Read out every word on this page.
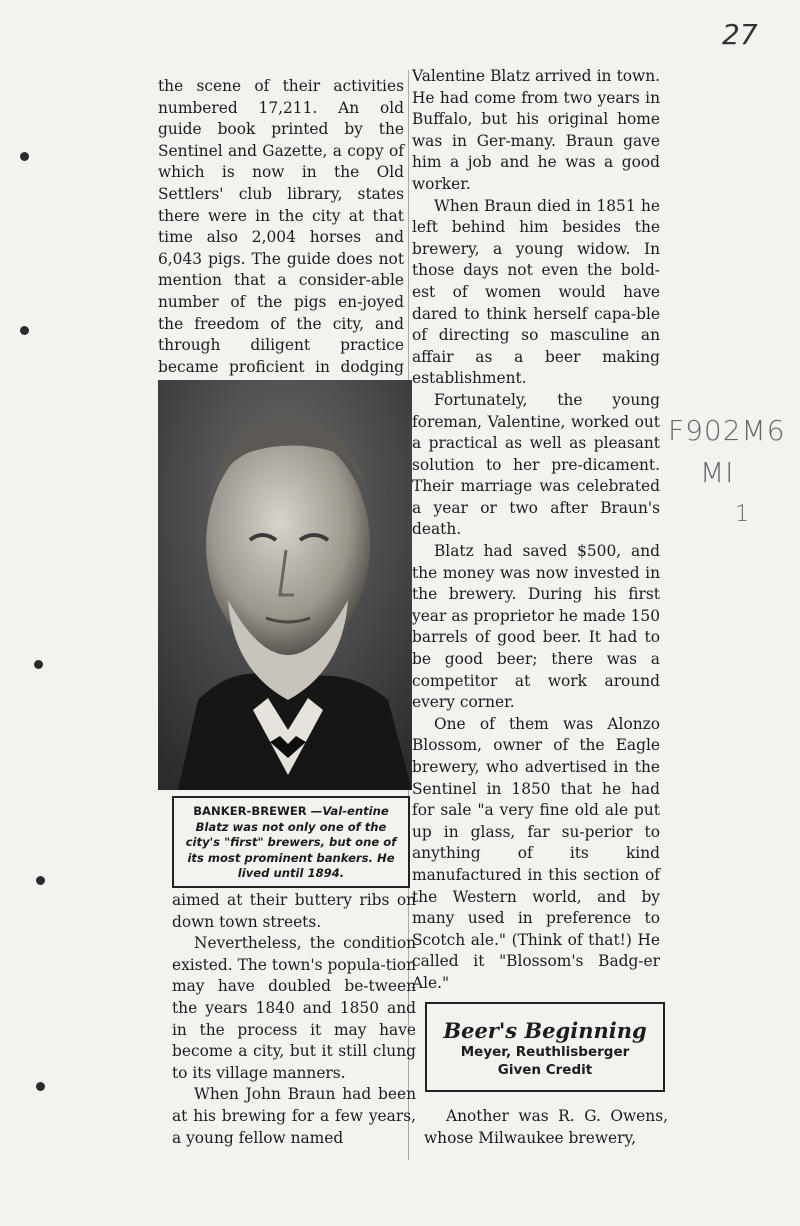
27
F902M6
MI
1

the scene of their activities numbered 17,211. An old guide book printed by the Sentinel and Gazette, a copy of which is now in the Old Settlers' club library, states there were in the city at that time also 2,004 horses and 6,043 pigs. The guide does not mention that a consider-able number of the pigs en-joyed the freedom of the city, and through diligent practice became proficient in dodging

BANKER-BREWER —Val-entine Blatz was not only one of the city's "first" brewers, but one of its most prominent bankers. He lived until 1894.

aimed at their buttery ribs on down town streets.

Nevertheless, the condition existed. The town's popula-tion may have doubled be-tween the years 1840 and 1850 and in the process it may have become a city, but it still clung to its village manners.

When John Braun had been at his brewing for a few years, a young fellow named

Valentine Blatz arrived in town. He had come from two years in Buffalo, but his original home was in Ger-many. Braun gave him a job and he was a good worker.

When Braun died in 1851 he left behind him besides the brewery, a young widow. In those days not even the bold-est of women would have dared to think herself capa-ble of directing so masculine an affair as a beer making establishment.

Fortunately, the young foreman, Valentine, worked out a practical as well as pleasant solution to her pre-dicament. Their marriage was celebrated a year or two after Braun's death.

Blatz had saved $500, and the money was now invested in the brewery. During his first year as proprietor he made 150 barrels of good beer. It had to be good beer; there was a competitor at work around every corner.

One of them was Alonzo Blossom, owner of the Eagle brewery, who advertised in the Sentinel in 1850 that he had for sale "a very fine old ale put up in glass, far su-perior to anything of its kind manufactured in this section of the Western world, and by many used in preference to Scotch ale." (Think of that!) He called it "Blossom's Badg-er Ale."

Beer's Beginning
Meyer, Reuthlisberger
Given Credit

Another was R. G. Owens, whose Milwaukee brewery,
